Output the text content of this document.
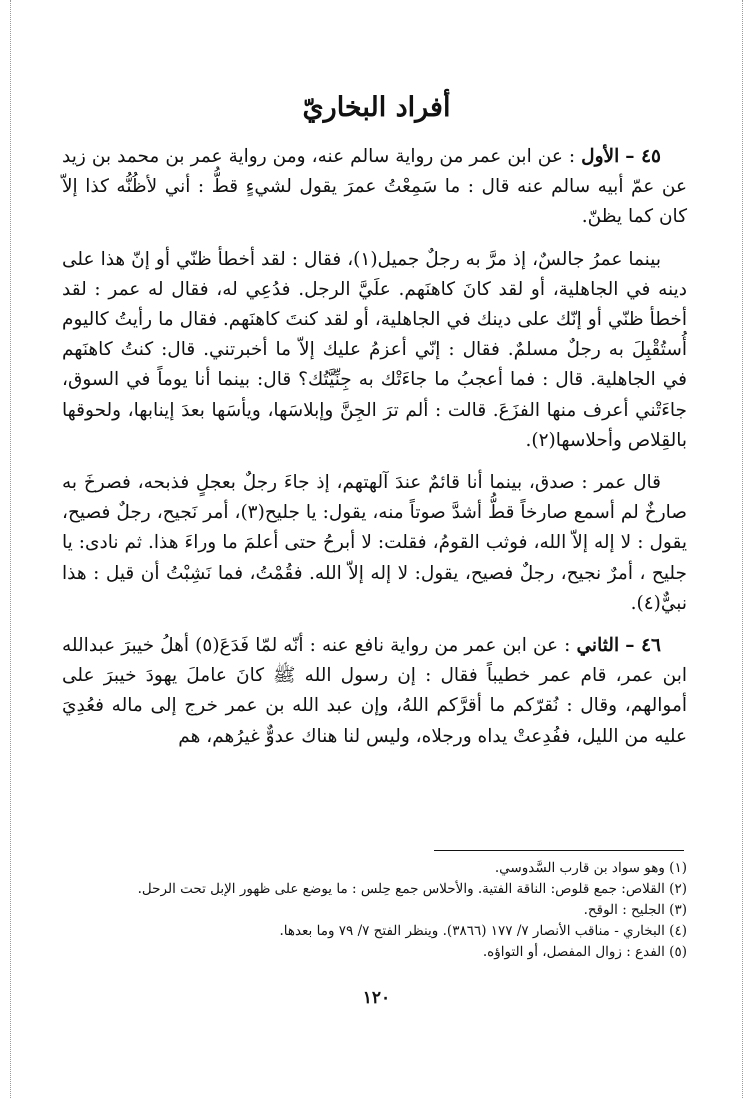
أفراد البخاريّ

٤٥ – الأول : عن ابن عمر من رواية سالم عنه، ومن رواية عمر بن محمد بن زيد عن عمّ أبيه سالم عنه قال : ما سَمِعْتُ عمرَ يقول لشيءٍ قطُّ : أني لأظُنُّه كذا إلاّ كان كما يظنّ.

بينما عمرُ جالسٌ، إذ مرَّ به رجلٌ جميل(١)، فقال : لقد أخطأ ظنّي أو إنّ هذا على دينه في الجاهلية، أو لقد كانَ كاهنَهم. علَيَّ الرجل. فدُعِي له، فقال له عمر : لقد أخطأ ظنّي أو إنّك على دينك في الجاهلية، أو لقد كنتَ كاهنَهم. فقال ما رأيتُ كاليوم أُستُقْبِلَ به رجلٌ مسلمٌ. فقال : إنّي أعزمُ عليك إلاّ ما أخبرتني. قال: كنتُ كاهنَهم في الجاهلية. قال : فما أعجبُ ما جاءَتْك به جِنِّيَّتُك؟ قال: بينما أنا يوماً في السوق، جاءَتْني أعرف منها الفزَعَ. قالت : ألم ترَ الجِنَّ وإبلاسَها، ويأسَها بعدَ إينابها، ولحوقها بالقِلاص وأحلاسها(٢).

قال عمر : صدق، بينما أنا قائمٌ عندَ آلهتهم، إذ جاءَ رجلٌ بعجلٍ فذبحه، فصرخَ به صارخٌ لم أسمع صارخاً قطُّ أشدَّ صوتاً منه، يقول: يا جليح(٣)، أمر نَجيح، رجلٌ فصيح، يقول : لا إله إلاّ الله، فوثب القومُ، فقلت: لا أبرحُ حتى أعلمَ ما وراءَ هذا. ثم نادى: يا جليح ، أمرٌ نجيح، رجلٌ فصيح، يقول: لا إله إلاّ الله. فقُمْتُ، فما نَشِبْتُ أن قيل : هذا نبيٌّ(٤).

٤٦ – الثاني : عن ابن عمر من رواية نافع عنه : أنّه لمّا فَدَعَ(٥) أهلُ خيبرَ عبدالله ابن عمر، قام عمر خطيباً فقال : إن رسول الله ﷺ كانَ عاملَ يهودَ خيبرَ على أموالهم، وقال : نُقرّكم ما أقرَّكم اللهُ، وإن عبد الله بن عمر خرج إلى ماله فعُدِيَ عليه من الليل، ففُدِعتْ يداه ورجلاه، وليس لنا هناك عدوٌّ غيرُهم، هم

(١) وهو سواد بن قارب السَّدوسي.

(٢) القلاص: جمع قلوص: الناقة الفتية. والأحلاس جمع حِلس : ما يوضع على ظهور الإبل تحت الرحل.

(٣) الجليح : الوقح.

(٤) البخاري - مناقب الأنصار ٧/ ١٧٧ (٣٨٦٦). وينظر الفتح ٧/ ٧٩ وما بعدها.

(٥) الفدع : زوال المفصل، أو التواؤه.

١٢٠
